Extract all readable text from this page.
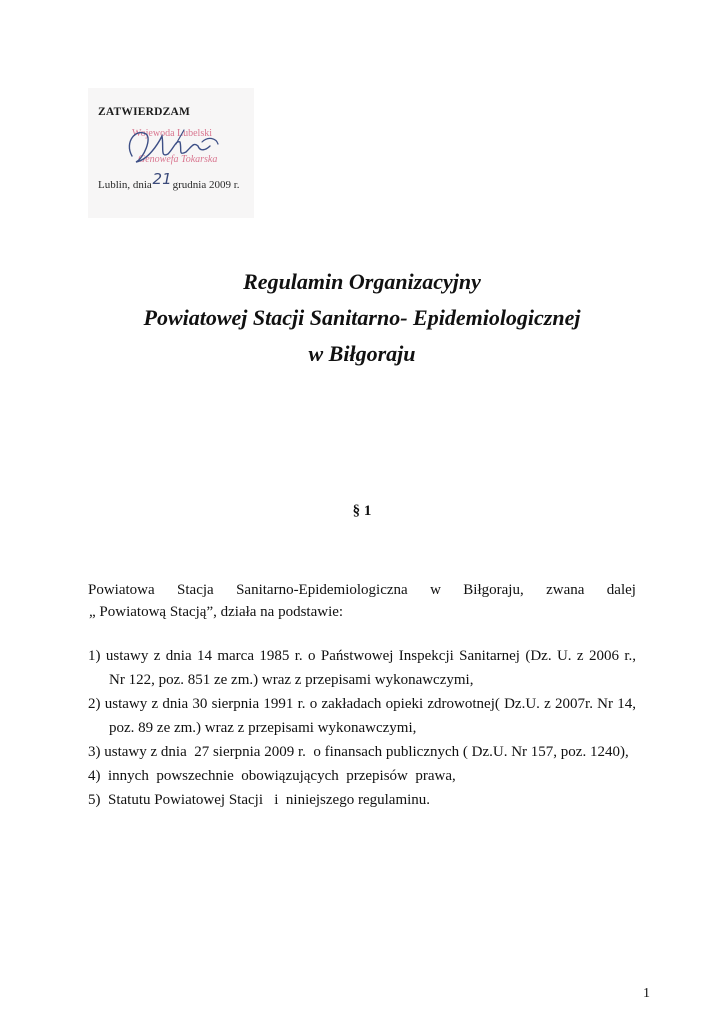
ZATWIERDZAM
Wojewoda Lubelski
Genowefa Tokarska
Lublin, dnia 21grudnia 2009 r.
Regulamin Organizacyjny
Powiatowej Stacji Sanitarno- Epidemiologicznej
w Biłgoraju
§ 1
Powiatowa Stacja Sanitarno-Epidemiologiczna w Biłgoraju, zwana dalej
„ Powiatową Stacją”, działa na podstawie:
1) ustawy z dnia 14 marca 1985 r. o Państwowej Inspekcji Sanitarnej (Dz. U. z 2006 r.,
Nr 122, poz. 851 ze zm.) wraz z przepisami wykonawczymi,
2) ustawy z dnia 30 sierpnia 1991 r. o zakładach opieki zdrowotnej( Dz.U. z 2007r. Nr 14,
poz. 89 ze zm.) wraz z przepisami wykonawczymi,
3) ustawy z dnia  27 sierpnia 2009 r.  o finansach publicznych ( Dz.U. Nr 157, poz. 1240),
4)  innych  powszechnie  obowiązujących  przepisów  prawa,
5)  Statutu Powiatowej Stacji   i  niniejszego regulaminu.
1
